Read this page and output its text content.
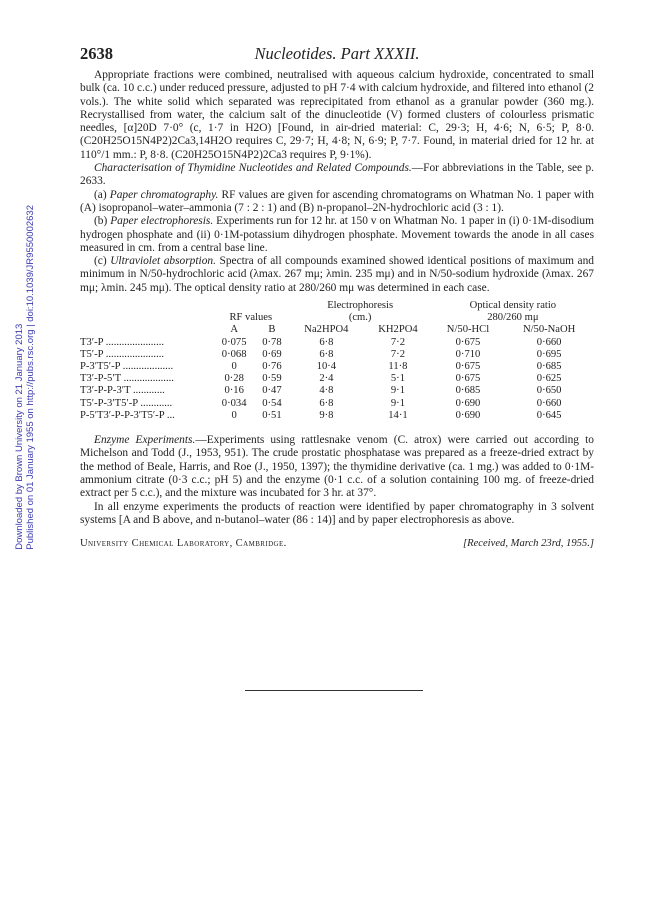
Downloaded by Brown University on 21 January 2013 Published on 01 January 1955 on http://pubs.rsc.org | doi:10.1039/JR9550002632
2638	Nucleotides. Part XXXII.

Appropriate fractions were combined, neutralised with aqueous calcium hydroxide, concentrated to small bulk (ca. 10 c.c.) under reduced pressure, adjusted to pH 7·4 with calcium hydroxide, and filtered into ethanol (2 vols.). The white solid which separated was reprecipitated from ethanol as a granular powder (360 mg.). Recrystallised from water, the calcium salt of the dinucleotide (V) formed clusters of colourless prismatic needles, [α]20D 7·0° (c, 1·7 in H2O) [Found, in air-dried material: C, 29·3; H, 4·6; N, 6·5; P, 8·0. (C20H25O15N4P2)2Ca3,14H2O requires C, 29·7; H, 4·8; N, 6·9; P, 7·7. Found, in material dried for 12 hr. at 110°/1 mm.: P, 8·8. (C20H25O15N4P2)2Ca3 requires P, 9·1%).

Characterisation of Thymidine Nucleotides and Related Compounds.—For abbreviations in the Table, see p. 2633.

(a) Paper chromatography. RF values are given for ascending chromatograms on Whatman No. 1 paper with (A) isopropanol–water–ammonia (7 : 2 : 1) and (B) n-propanol–2N-hydrochloric acid (3 : 1).

(b) Paper electrophoresis. Experiments run for 12 hr. at 150 v on Whatman No. 1 paper in (i) 0·1M-disodium hydrogen phosphate and (ii) 0·1M-potassium dihydrogen phosphate. Movement towards the anode in all cases measured in cm. from a central base line.

(c) Ultraviolet absorption. Spectra of all compounds examined showed identical positions of maximum and minimum in N/50-hydrochloric acid (λmax. 267 mμ; λmin. 235 mμ) and in N/50-sodium hydroxide (λmax. 267 mμ; λmin. 245 mμ). The optical density ratio at 280/260 mμ was determined in each case.

			Electrophoresis		Optical density ratio	
	RF values		(cm.)		280/260 mμ	
	A	B	Na2HPO4	KH2PO4	N/50-HCl	N/50-NaOH
T3′-P ......................	0·075	0·78	6·8	7·2	0·675	0·660
T5′-P ......................	0·068	0·69	6·8	7·2	0·710	0·695
P-3′T5′-P ...................	0	0·76	10·4	11·8	0·675	0·685
T3′-P-5′T ...................	0·28	0·59	2·4	5·1	0·675	0·625
T3′-P-P-3′T ............	0·16	0·47	4·8	9·1	0·685	0·650
T5′-P-3′T5′-P ............	0·034	0·54	6·8	9·1	0·690	0·660
P-5′T3′-P-P-3′T5′-P ...	0	0·51	9·8	14·1	0·690	0·645

Enzyme Experiments.—Experiments using rattlesnake venom (C. atrox) were carried out according to Michelson and Todd (J., 1953, 951). The crude prostatic phosphatase was prepared as a freeze-dried extract by the method of Beale, Harris, and Roe (J., 1950, 1397); the thymidine derivative (ca. 1 mg.) was added to 0·1M-ammonium citrate (0·3 c.c.; pH 5) and the enzyme (0·1 c.c. of a solution containing 100 mg. of freeze-dried extract per 5 c.c.), and the mixture was incubated for 3 hr. at 37°.

In all enzyme experiments the products of reaction were identified by paper chromatography in 3 solvent systems [A and B above, and n-butanol–water (86 : 14)] and by paper electrophoresis as above.

University Chemical Laboratory, Cambridge.	[Received, March 23rd, 1955.]
